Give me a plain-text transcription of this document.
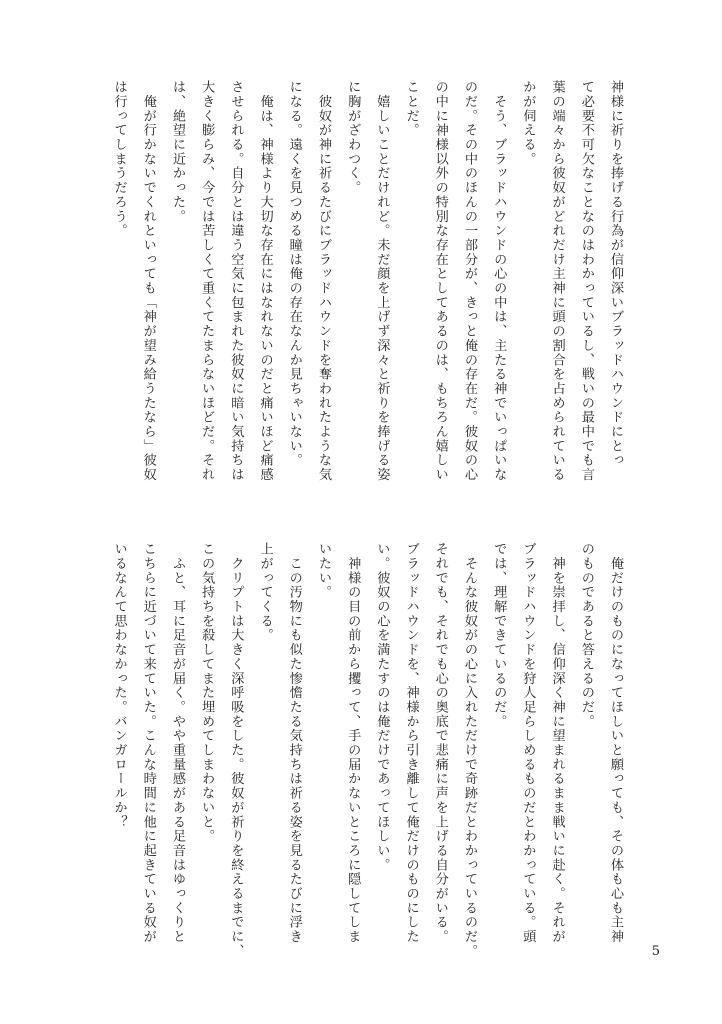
神様に祈りを捧げる行為が信仰深いブラッドハウンドにとっ

て必要不可欠なことなのはわかっているし、戦いの最中でも言

葉の端々から彼奴がどれだけ主神に頭の割合を占められている

かが伺える。

　そう、ブラッドハウンドの心の中は、主たる神でいっぱいな

のだ。その中のほんの一部分が、きっと俺の存在だ。彼奴の心

の中に神様以外の特別な存在としてあるのは、もちろん嬉しい

ことだ。

　嬉しいことだけれど。未だ顔を上げず深々と祈りを捧げる姿

に胸がざわつく。

　彼奴が神に祈るたびにブラッドハウンドを奪われたような気

になる。遠くを見つめる瞳は俺の存在なんか見ちゃいない。

　俺は、神様より大切な存在にはなれないのだと痛いほど痛感

させられる。自分とは違う空気に包まれた彼奴に暗い気持ちは

大きく膨らみ、今では苦しくて重くてたまらないほどだ。それ

は、絶望に近かった。

　俺が行かないでくれといっても「神が望み給うたなら」彼奴

は行ってしまうだろう。

　俺だけのものになってほしいと願っても、その体も心も主神

のものであると答えるのだ。

　神を崇拝し、信仰深く神に望まれるまま戦いに赴く。それが

ブラッドハウンドを狩人足らしめるものだとわかっている。頭

では、理解できているのだ。

　そんな彼奴がの心に入れただけで奇跡だとわかっているのだ。

それでも、それでも心の奥底で悲痛に声を上げる自分がいる。

ブラッドハウンドを、神様から引き離して俺だけのものにした

い。彼奴の心を満たすのは俺だけであってほしい。

　神様の目の前から攫って、手の届かないところに隠してしま

いたい。

　この汚物にも似た惨憺たる気持ちは祈る姿を見るたびに浮き

上がってくる。

　クリプトは大きく深呼吸をした。彼奴が祈りを終えるまでに、

この気持ちを殺してまた埋めてしまわないと。

　ふと、耳に足音が届く。やや重量感がある足音はゆっくりと

こちらに近づいて来ていた。こんな時間に他に起きている奴が

いるなんて思わなかった。バンガロールか？

5
